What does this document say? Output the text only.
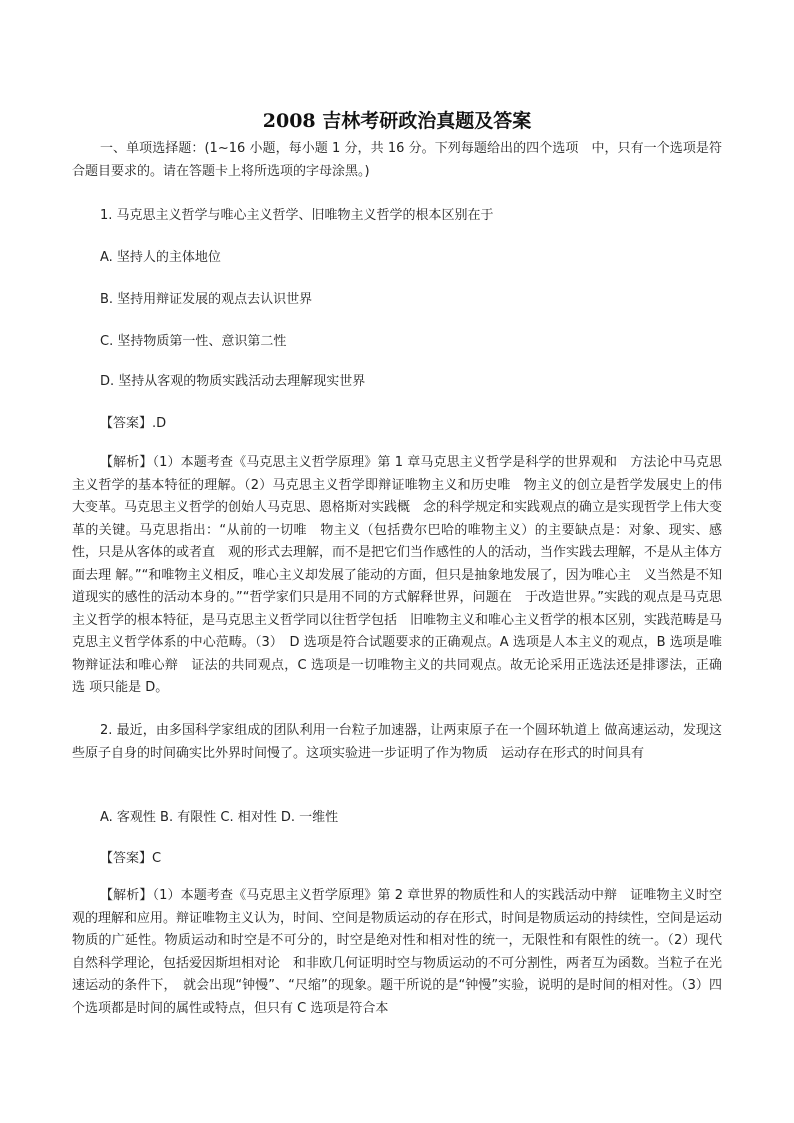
2008 吉林考研政治真题及答案
一、单项选择题：(1~16 小题，每小题 1 分，共 16 分。下列每题给出的四个选项　中，只有一个选项是符合题目要求的。请在答题卡上将所选项的字母涂黑。)
1. 马克思主义哲学与唯心主义哲学、旧唯物主义哲学的根本区别在于
A. 坚持人的主体地位
B. 坚持用辩证发展的观点去认识世界
C. 坚持物质第一性、意识第二性
D. 坚持从客观的物质实践活动去理解现实世界
【答案】.D
【解析】（1）本题考查《马克思主义哲学原理》第 1 章马克思主义哲学是科学的世界观和　方法论中马克思主义哲学的基本特征的理解。（2）马克思主义哲学即辩证唯物主义和历史唯　物主义的创立是哲学发展史上的伟大变革。马克思主义哲学的创始人马克思、恩格斯对实践概　念的科学规定和实践观点的确立是实现哲学上伟大变革的关键。马克思指出：“从前的一切唯　物主义（包括费尔巴哈的唯物主义）的主要缺点是：对象、现实、感性，只是从客体的或者直　观的形式去理解，而不是把它们当作感性的人的活动，当作实践去理解，不是从主体方面去理 解。”“和唯物主义相反，唯心主义却发展了能动的方面，但只是抽象地发展了，因为唯心主　义当然是不知道现实的感性的活动本身的。”“哲学家们只是用不同的方式解释世界，问题在　于改造世界。”实践的观点是马克思主义哲学的根本特征，是马克思主义哲学同以往哲学包括　旧唯物主义和唯心主义哲学的根本区别，实践范畴是马克思主义哲学体系的中心范畴。（3）　D 选项是符合试题要求的正确观点。A 选项是人本主义的观点，B 选项是唯物辩证法和唯心辩　证法的共同观点，C 选项是一切唯物主义的共同观点。故无论采用正选法还是排谬法，正确选 项只能是 D。
2. 最近，由多国科学家组成的团队利用一台粒子加速器，让两束原子在一个圆环轨道上 做高速运动，发现这些原子自身的时间确实比外界时间慢了。这项实验进一步证明了作为物质　运动存在形式的时间具有
A. 客观性 B. 有限性 C. 相对性 D. 一维性
【答案】C
【解析】（1）本题考查《马克思主义哲学原理》第 2 章世界的物质性和人的实践活动中辩　证唯物主义时空观的理解和应用。辩证唯物主义认为，时间、空间是物质运动的存在形式，时间是物质运动的持续性，空间是运动物质的广延性。物质运动和时空是不可分的，时空是绝对性和相对性的统一，无限性和有限性的统一。（2）现代自然科学理论，包括爱因斯坦相对论　和非欧几何证明时空与物质运动的不可分割性，两者互为函数。当粒子在光速运动的条件下，　就会出现“钟慢”、“尺缩”的现象。题干所说的是“钟慢”实验，说明的是时间的相对性。（3）四个选项都是时间的属性或特点，但只有 C 选项是符合本
